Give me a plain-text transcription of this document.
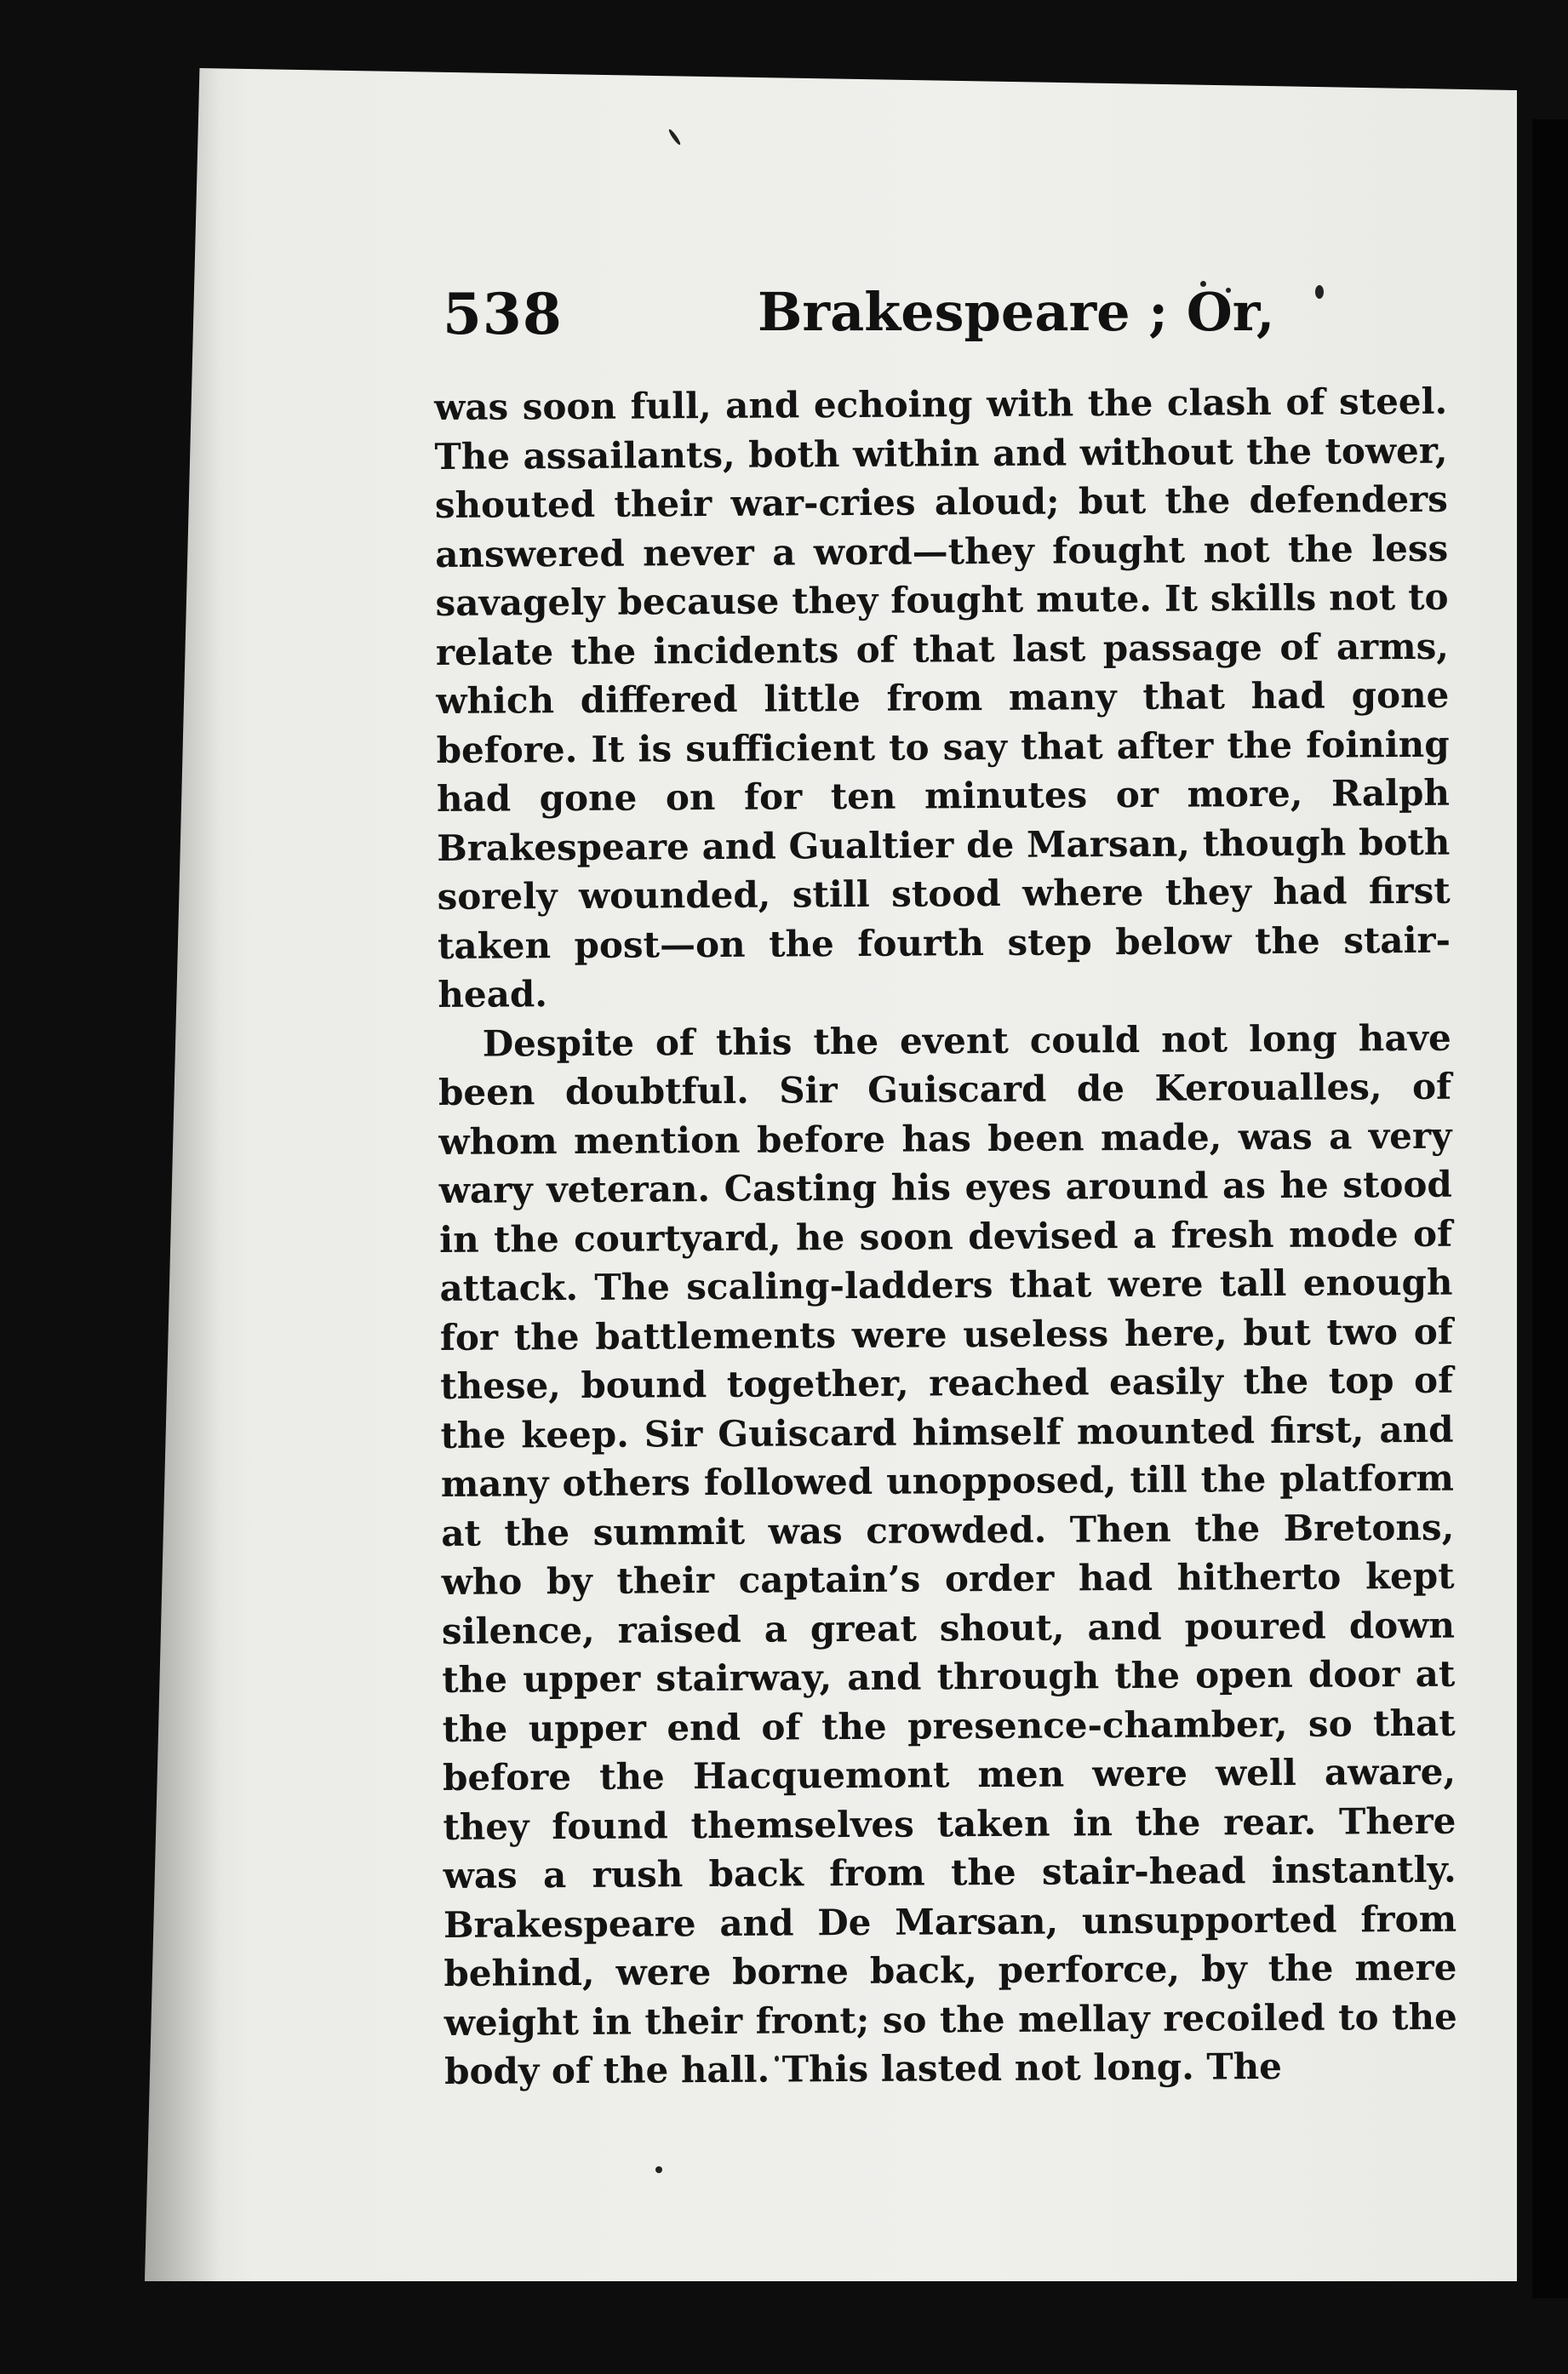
538	Brakespeare ; Or,

was soon full, and echoing with the clash of steel. The assailants, both within and without the tower, shouted their war-cries aloud; but the defenders answered never a word—they fought not the less savagely because they fought mute. It skills not to relate the incidents of that last passage of arms, which differed little from many that had gone before. It is sufficient to say that after the foining had gone on for ten minutes or more, Ralph Brakespeare and Gualtier de Marsan, though both sorely wounded, still stood where they had first taken post—on the fourth step below the stair-head.

Despite of this the event could not long have been doubtful. Sir Guiscard de Keroualles, of whom mention before has been made, was a very wary veteran. Casting his eyes around as he stood in the courtyard, he soon devised a fresh mode of attack. The scaling-ladders that were tall enough for the battlements were useless here, but two of these, bound together, reached easily the top of the keep. Sir Guiscard himself mounted first, and many others followed unopposed, till the platform at the summit was crowded. Then the Bretons, who by their captain’s order had hitherto kept silence, raised a great shout, and poured down the upper stairway, and through the open door at the upper end of the presence-chamber, so that before the Hacquemont men were well aware, they found themselves taken in the rear. There was a rush back from the stair-head instantly. Brakespeare and De Marsan, unsupported from behind, were borne back, perforce, by the mere weight in their front; so the mellay recoiled to the body of the hall. This lasted not long. The
